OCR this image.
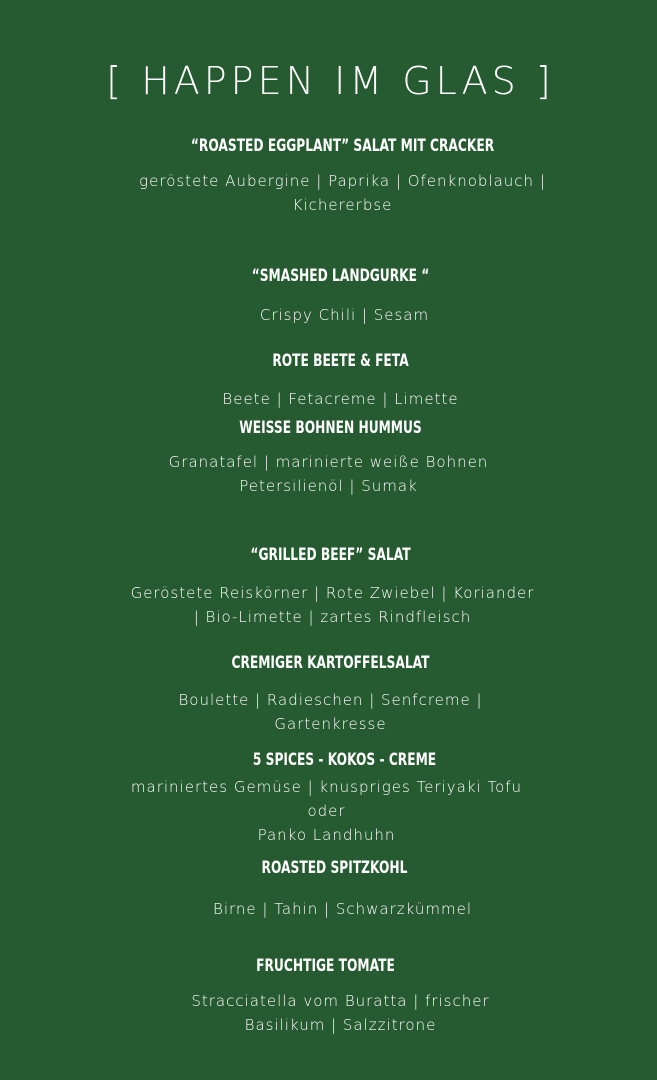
[ HAPPEN IM GLAS ]
“ROASTED EGGPLANT” SALAT MIT CRACKER
geröstete Aubergine | Paprika | Ofenknoblauch |
Kichererbse
“SMASHED LANDGURKE “
Crispy Chili | Sesam
ROTE BEETE & FETA
Beete | Fetacreme | Limette
WEISSE BOHNEN HUMMUS
Granatafel | marinierte weiße Bohnen
Petersilienöl | Sumak
“GRILLED BEEF” SALAT
Geröstete Reiskörner | Rote Zwiebel | Koriander
| Bio-Limette | zartes Rindfleisch
CREMIGER KARTOFFELSALAT
Boulette | Radieschen | Senfcreme |
Gartenkresse
5 SPICES - KOKOS - CREME
mariniertes Gemüse | knuspriges Teriyaki Tofu
oder
Panko Landhuhn
ROASTED SPITZKOHL
Birne | Tahin | Schwarzkümmel
FRUCHTIGE TOMATE
Stracciatella vom Buratta | frischer
Basilikum | Salzzitrone
